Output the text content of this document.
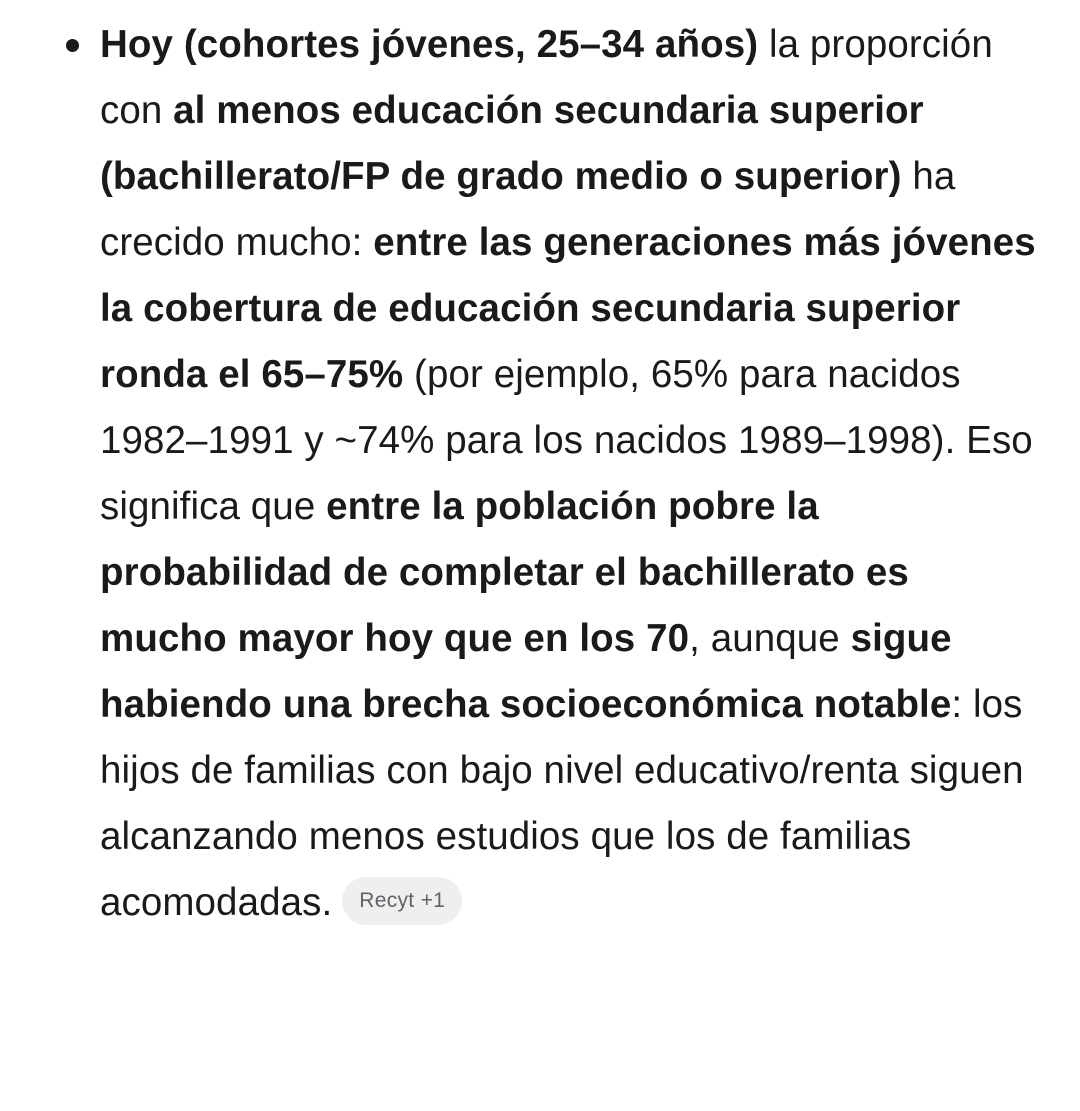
Hoy (cohortes jóvenes, 25–34 años) la proporción con al menos educación secundaria superior (bachillerato/FP de grado medio o superior) ha crecido mucho: entre las generaciones más jóvenes la cobertura de educación secundaria superior ronda el 65–75% (por ejemplo, 65% para nacidos 1982–1991 y ~74% para los nacidos 1989–1998). Eso significa que entre la población pobre la probabilidad de completar el bachillerato es mucho mayor hoy que en los 70, aunque sigue habiendo una brecha socioeconómica notable: los hijos de familias con bajo nivel educativo/renta siguen alcanzando menos estudios que los de familias acomodadas. Recyt +1
